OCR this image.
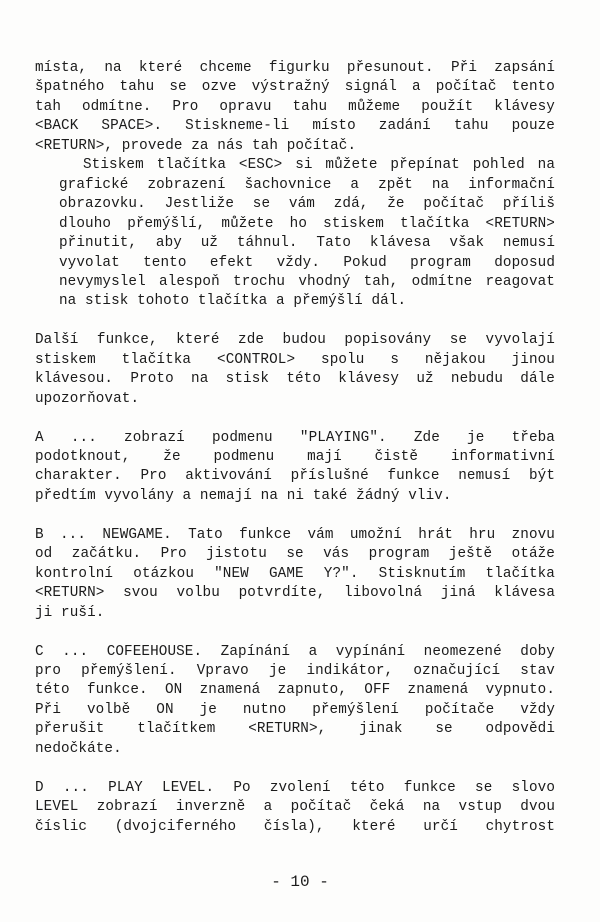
místa, na které chceme figurku přesunout. Při zapsání
špatného tahu se ozve výstražný signál a počítač tento
tah odmítne. Pro opravu tahu můžeme použít klávesy
<BACK SPACE>. Stiskneme-li místo zadání tahu pouze
<RETURN>, provede za nás tah počítač.

Stiskem tlačítka <ESC> si můžete přepínat pohled na
grafické zobrazení šachovnice a zpět na informační
obrazovku. Jestliže se vám zdá, že počítač příliš
dlouho přemýšlí, můžete ho stiskem tlačítka <RETURN>
přinutit, aby už táhnul. Tato klávesa však nemusí
vyvolat tento efekt vždy. Pokud program doposud
nevymyslel alespoň trochu vhodný tah, odmítne reagovat
na stisk tohoto tlačítka a přemýšlí dál.

Další funkce, které zde budou popisovány se vyvolají
stiskem tlačítka <CONTROL> spolu s nějakou jinou
klávesou. Proto na stisk této klávesy už nebudu dále
upozorňovat.

A ... zobrazí podmenu "PLAYING". Zde je třeba
podotknout, že podmenu mají čistě informativní
charakter. Pro aktivování příslušné funkce nemusí být
předtím vyvolány a nemají na ni také žádný vliv.

B ... NEWGAME. Tato funkce vám umožní hrát hru znovu
od začátku. Pro jistotu se vás program ještě otáže
kontrolní otázkou "NEW GAME Y?". Stisknutím tlačítka
<RETURN> svou volbu potvrdíte, libovolná jiná klávesa
ji ruší.

C ... COFEEHOUSE. Zapínání a vypínání neomezené doby
pro přemýšlení. Vpravo je indikátor, označující stav
této funkce. ON znamená zapnuto, OFF znamená vypnuto.
Při volbě ON je nutno přemýšlení počítače vždy
přerušit tlačítkem <RETURN>, jinak se odpovědi
nedočkáte.

D ... PLAY LEVEL. Po zvolení této funkce se slovo
LEVEL zobrazí inverzně a počítač čeká na vstup dvou
číslic (dvojciferného čísla), které určí chytrost

- 10 -
